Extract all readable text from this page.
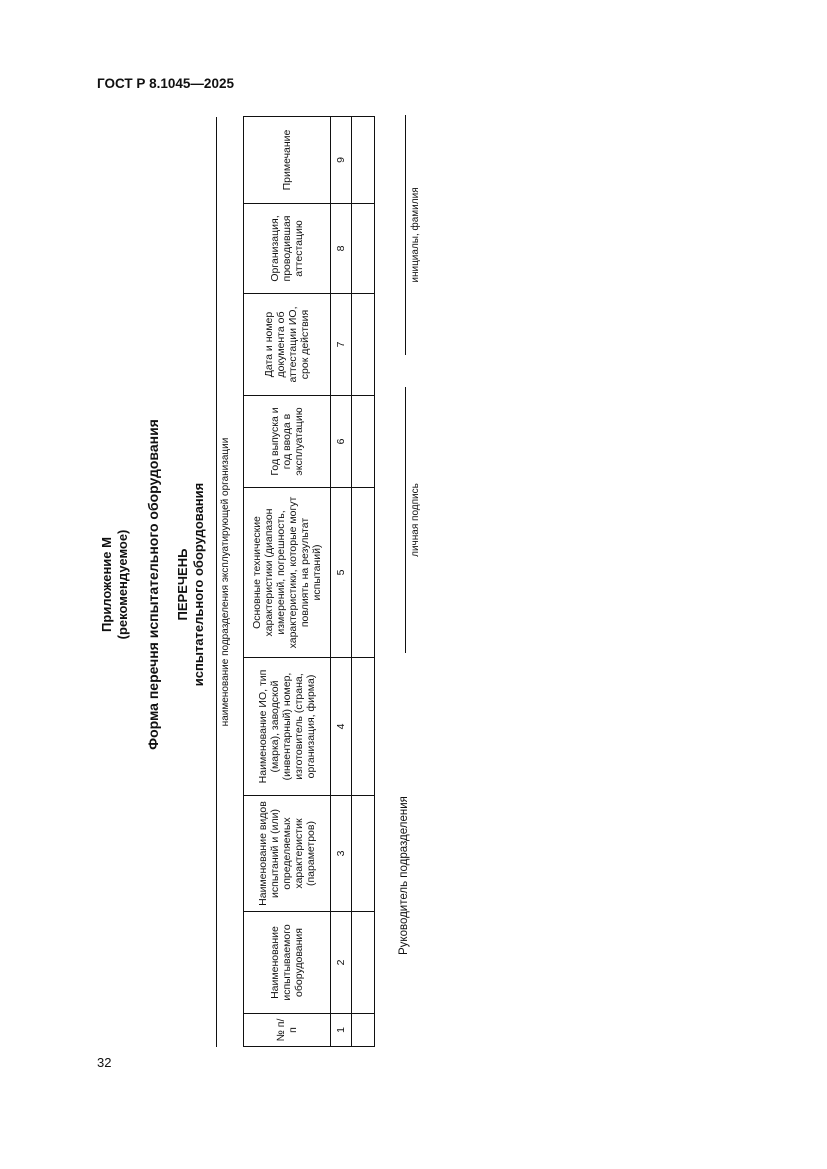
ГОСТ Р 8.1045—2025
32
Приложение М (рекомендуемое) Форма перечня испытательного оборудования ПЕРЕЧЕНЬ испытательного оборудования наименование подразделения эксплуатирующей организации
№ п/п	Наименование испытываемого оборудования	Наименование видов испытаний и (или) определяемых характеристик (параметров)	Наименование ИО, тип (марка), заводской (инвентарный) номер, изготовитель (страна, организация, фирма)	Основные технические характеристики (диапазон измерений, погрешность, характеристики, которые могут повлиять на результат испытаний)	Год выпуска и год ввода в эксплуатацию	Дата и номер документа об аттестации ИО, срок действия	Организация, проводившая аттестацию	Примечание
1	2	3	4	5	6	7	8	9

Руководитель подразделения
личная подпись
инициалы, фамилия
